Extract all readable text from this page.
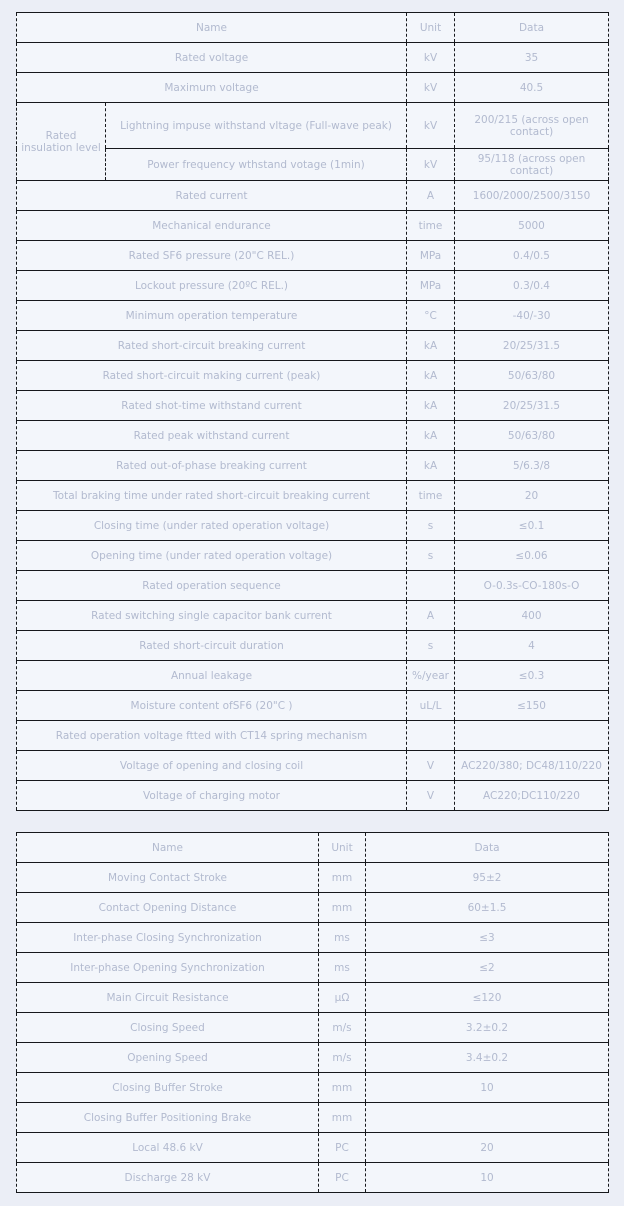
Name		Unit	Data
Rated voltage		kV	35
Maximum voltage		kV	40.5
Rated insulation level	Lightning impuse withstand vltage (Full-wave peak)	kV	200/215 (across open contact)
	Power frequency wthstand votage (1min)	kV	95/118 (across open contact)
Rated current		A	1600/2000/2500/3150
Mechanical endurance		time	5000
Rated SF6 pressure (20"C REL.)		MPa	0.4/0.5
Lockout pressure (20ºC REL.)		MPa	0.3/0.4
Minimum operation temperature		°C	-40/-30
Rated short-circuit breaking current		kA	20/25/31.5
Rated short-circuit making current (peak)		kA	50/63/80
Rated shot-time withstand current		kA	20/25/31.5
Rated peak withstand current		kA	50/63/80
Rated out-of-phase breaking current		kA	5/6.3/8
Total braking time under rated short-circuit breaking current		time	20
Closing time (under rated operation voltage)		s	≤0.1
Opening time (under rated operation voltage)		s	≤0.06
Rated operation sequence			O-0.3s-CO-180s-O
Rated switching single capacitor bank current		A	400
Rated short-circuit duration		s	4
Annual leakage		%/year	≤0.3
Moisture content ofSF6 (20"C )		uL/L	≤150
Rated operation voltage ftted with CT14 spring mechanism			
Voltage of opening and closing coil		V	AC220/380; DC48/110/220
Voltage of charging motor		V	AC220;DC110/220
Name	Unit	Data
Moving Contact Stroke	mm	95±2
Contact Opening Distance	mm	60±1.5
Inter-phase Closing Synchronization	ms	≤3
Inter-phase Opening Synchronization	ms	≤2
Main Circuit Resistance	μΩ	≤120
Closing Speed	m/s	3.2±0.2
Opening Speed	m/s	3.4±0.2
Closing Buffer Stroke	mm	10
Closing Buffer Positioning Brake	mm	
Local 48.6 kV	PC	20
Discharge 28 kV	PC	10
